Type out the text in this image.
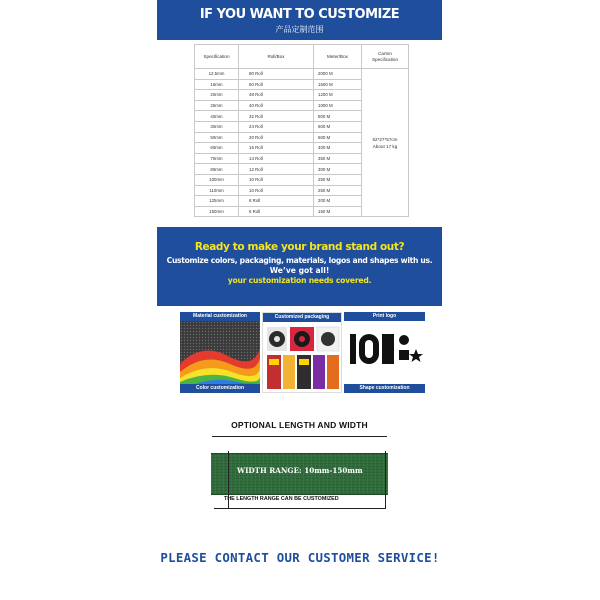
IF YOU WANT TO CUSTOMIZE
产品定制范围
Specification	Roll/Box	Meter/Box	Carton
Specification
12.5mm	80 Roll	2000 M	52*27*57cm
About 17 kg

16mm	60 Roll	1500 M	
20mm	48 Roll	1200 M	
25mm	40 Roll	1000 M	
40mm	32 Roll	800 M	
30mm	24 Roll	600 M	
50mm	20 Roll	500 M	
60mm	16 Roll	400 M	
70mm	14 Roll	350 M	
80mm	12 Roll	300 M	
100mm	10 Roll	250 M	
110mm	10 Roll	250 M	
125mm	8 Roll	200 M	
150mm	6 Roll	150 M	
Ready to make your brand stand out?
Customize colors, packaging, materials, logos and shapes with us.
We’ve got all!
your customization needs covered.
Material customization
Color customization
Customized packaging	Print logo
Shape customization
OPTIONAL LENGTH AND WIDTH
WIDTH RANGE: 10mm-150mm
THE LENGTH RANGE CAN BE CUSTOMIZED
PLEASE CONTACT OUR CUSTOMER SERVICE!
